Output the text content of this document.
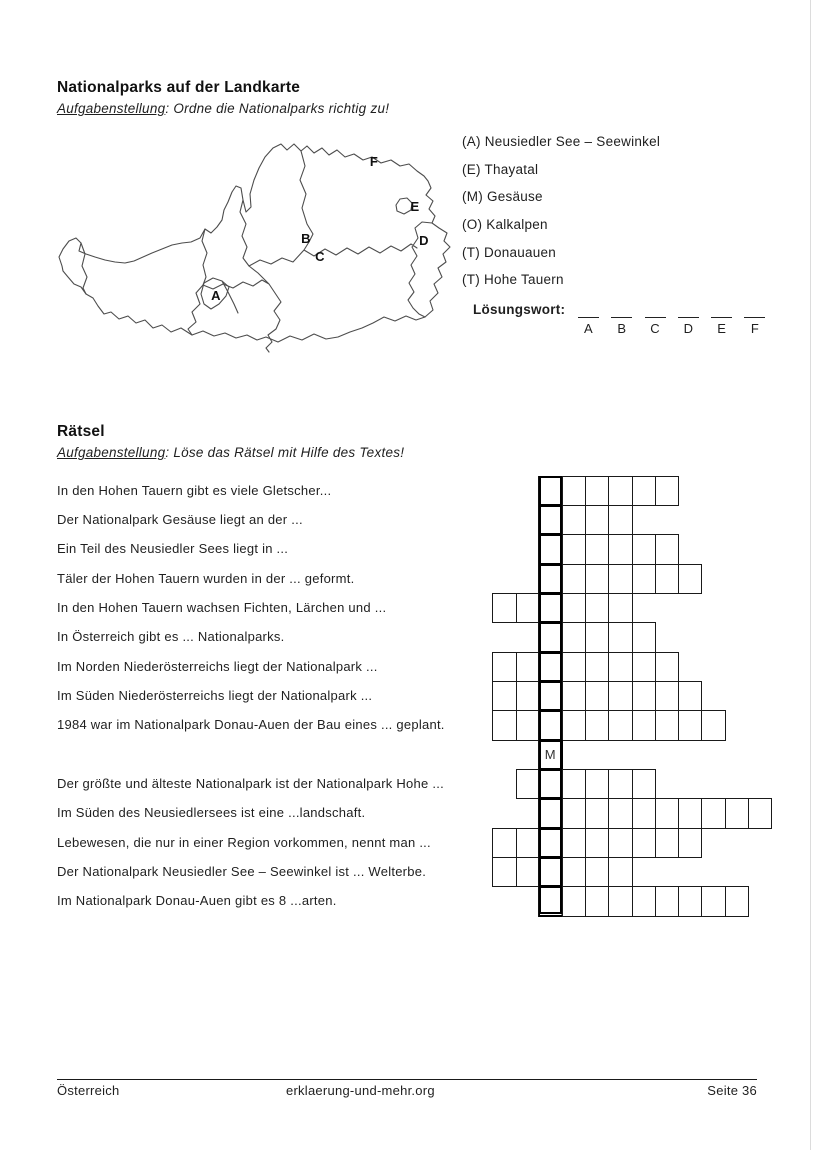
Nationalparks auf der Landkarte
Aufgabenstellung: Ordne die Nationalparks richtig zu!
A
B
C
D
E
F
(A) Neusiedler See – Seewinkel
(E) Thayatal
(M) Gesäuse
(O) Kalkalpen
(T) Donauauen
(T) Hohe Tauern
Lösungswort:
A	B	C	D	E	F
Rätsel
Aufgabenstellung: Löse das Rätsel mit Hilfe des Textes!
In den Hohen Tauern gibt es viele Gletscher...
Der Nationalpark Gesäuse liegt an der ...
Ein Teil des Neusiedler Sees liegt in ...
Täler der Hohen Tauern wurden in der ... geformt.
In den Hohen Tauern wachsen Fichten, Lärchen und ...
In Österreich gibt es ... Nationalparks.
Im Norden Niederösterreichs liegt der Nationalpark ...
Im Süden Niederösterreichs liegt der Nationalpark ...
1984 war im Nationalpark Donau-Auen der Bau eines ... geplant.
Der größte und älteste Nationalpark ist der Nationalpark Hohe ...
Im Süden des Neusiedlersees ist eine ...landschaft.
Lebewesen, die nur in einer Region vorkommen, nennt man ...
Der Nationalpark Neusiedler See – Seewinkel ist ... Welterbe.
Im Nationalpark Donau-Auen gibt es 8 ...arten.
M
Österreich	erklaerung-und-mehr.org	Seite 36
